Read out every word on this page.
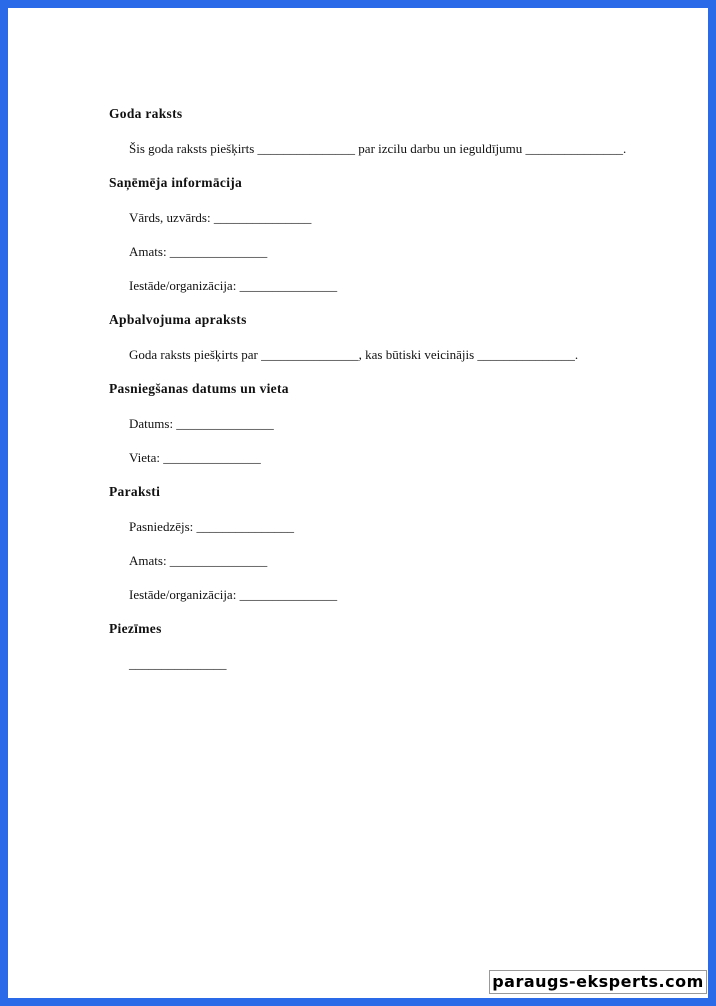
Goda raksts
Šis goda raksts piešķirts _______________ par izcilu darbu un ieguldījumu _______________.
Saņēmēja informācija
Vārds, uzvārds: _______________
Amats: _______________
Iestāde/organizācija: _______________
Apbalvojuma apraksts
Goda raksts piešķirts par _______________, kas būtiski veicinājis _______________.
Pasniegšanas datums un vieta
Datums: _______________
Vieta: _______________
Paraksti
Pasniedzējs: _______________
Amats: _______________
Iestāde/organizācija: _______________
Piezīmes
_______________
paraugs-eksperts.com
